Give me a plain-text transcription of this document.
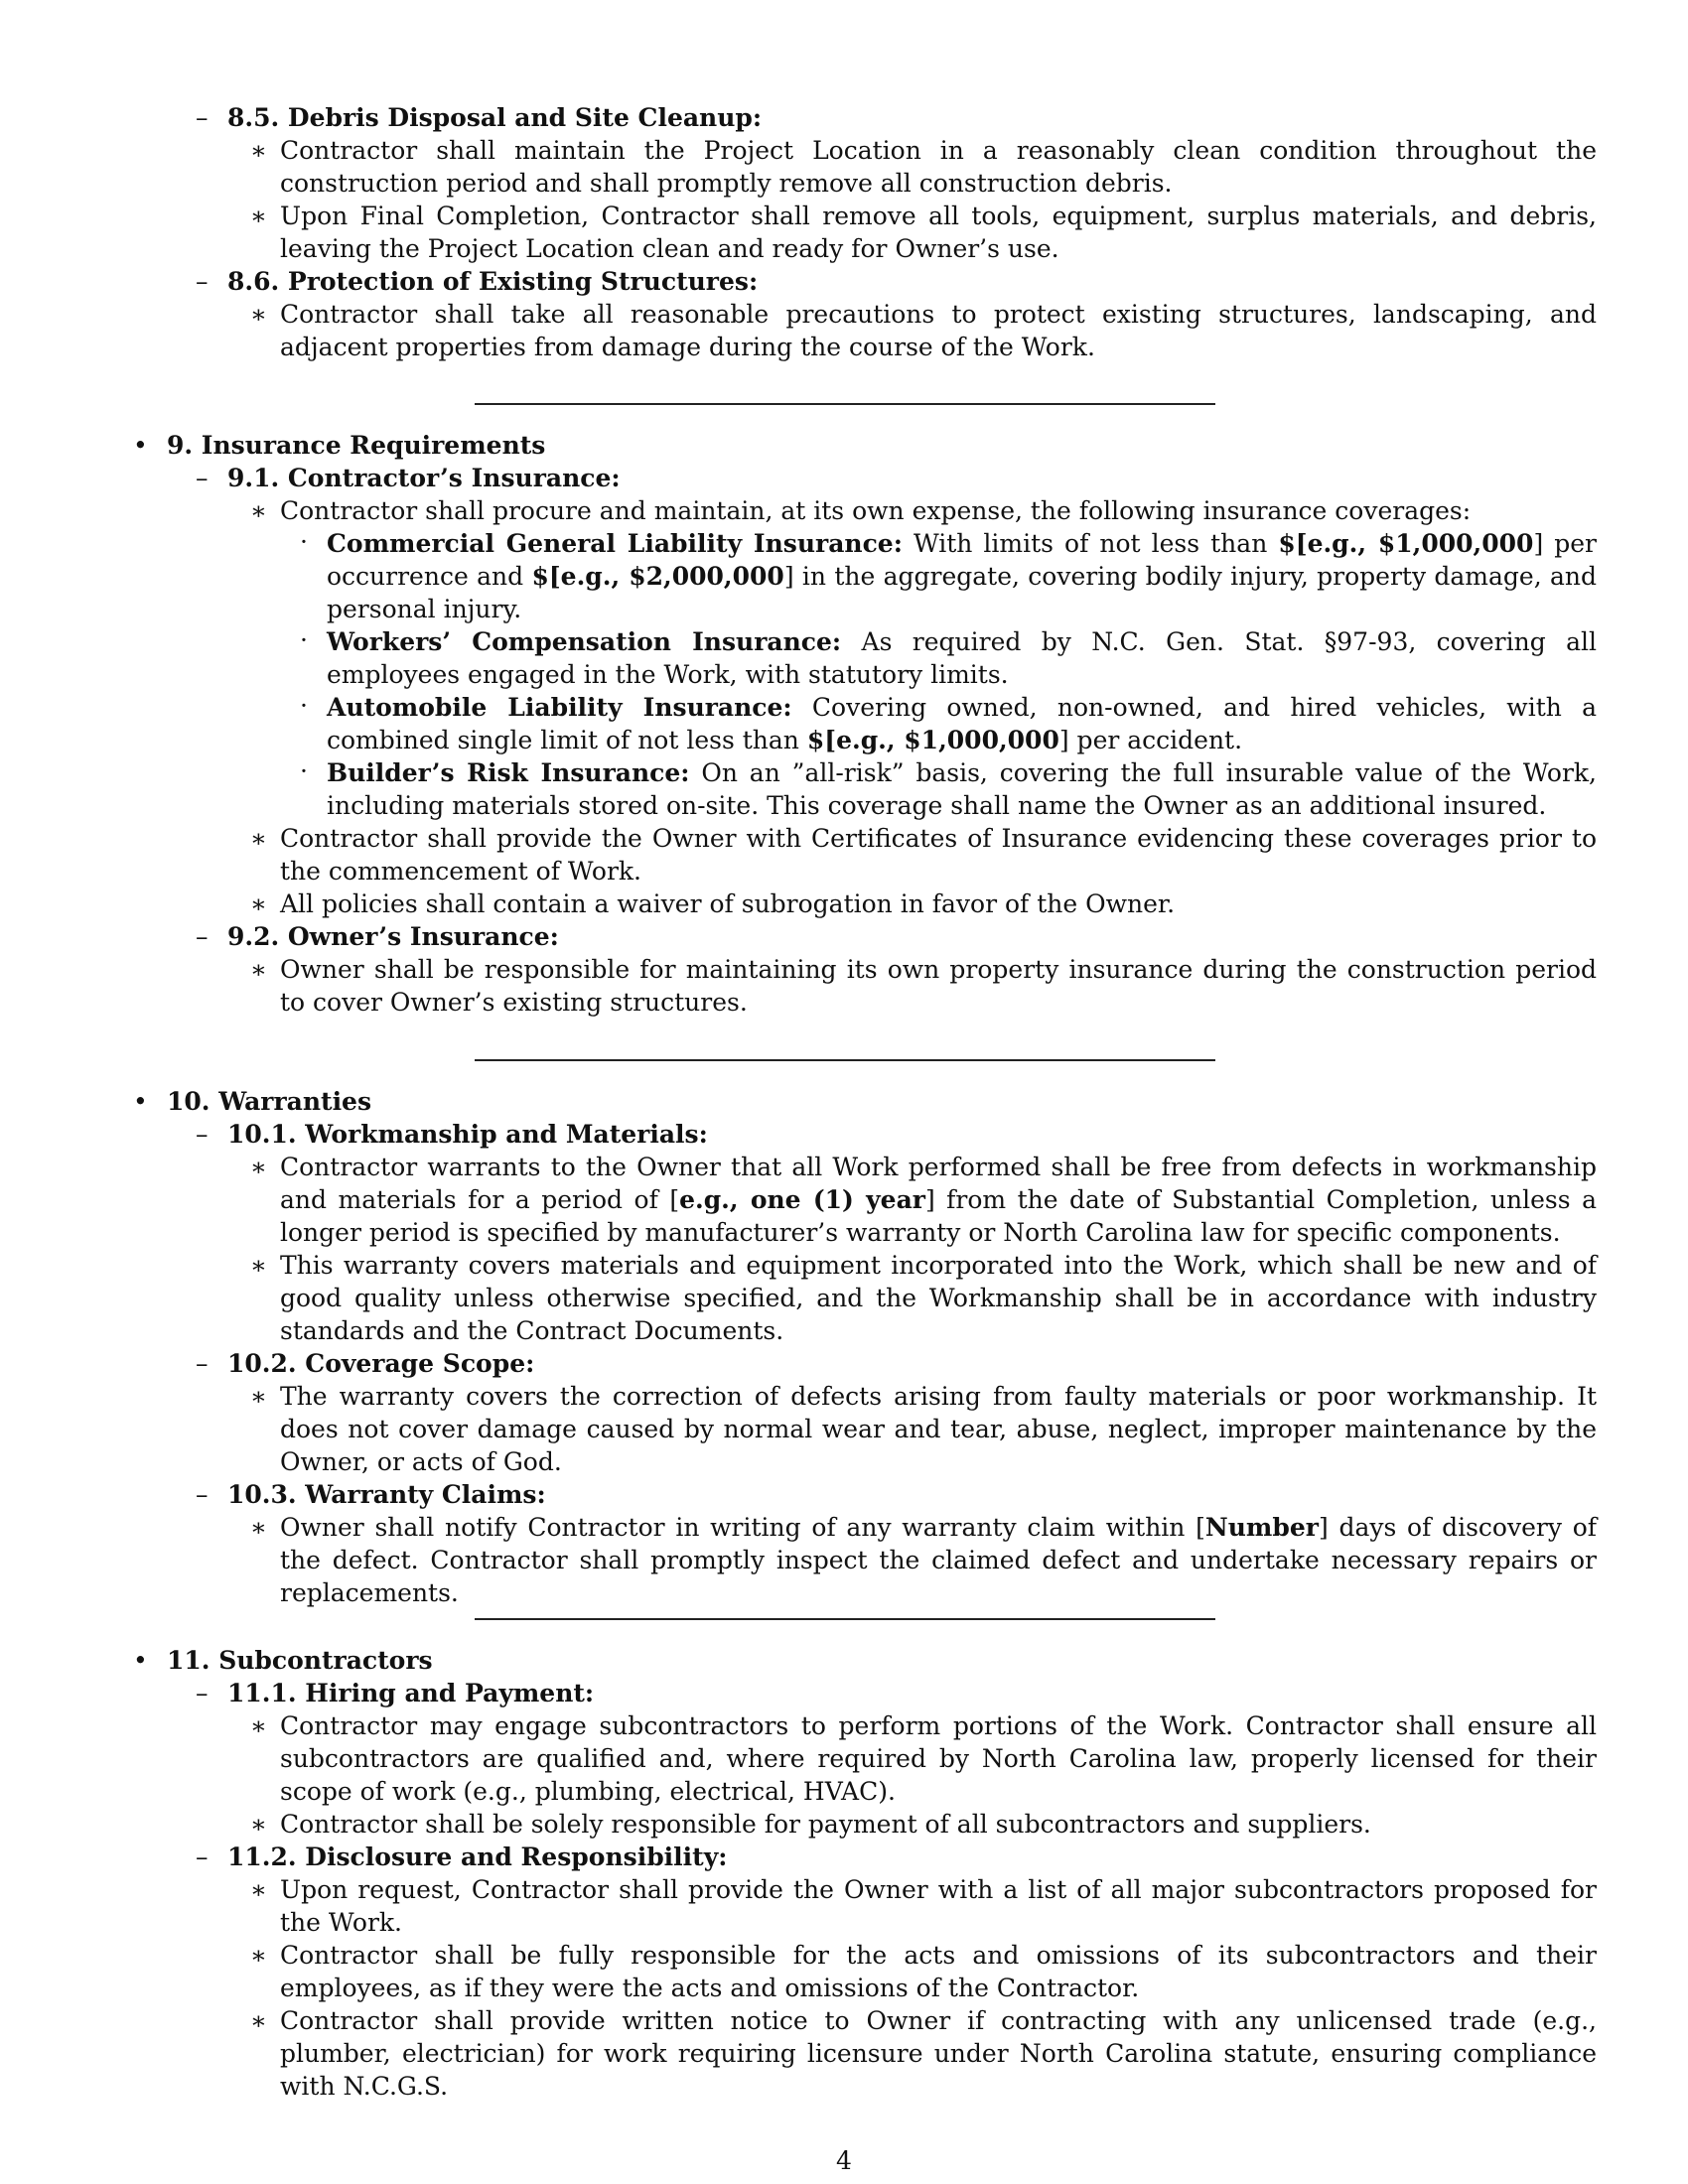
– 8.5. Debris Disposal and Site Cleanup:
∗ Contractor shall maintain the Project Location in a reasonably clean condition throughout the construction period and shall promptly remove all construction debris.
∗ Upon Final Completion, Contractor shall remove all tools, equipment, surplus materials, and debris, leaving the Project Location clean and ready for Owner’s use.
– 8.6. Protection of Existing Structures:
∗ Contractor shall take all reasonable precautions to protect existing structures, landscaping, and adjacent properties from damage during the course of the Work.
• 9. Insurance Requirements
– 9.1. Contractor’s Insurance:
∗ Contractor shall procure and maintain, at its own expense, the following insurance coverages:
· Commercial General Liability Insurance: With limits of not less than $[e.g., $1,000,000] per occurrence and $[e.g., $2,000,000] in the aggregate, covering bodily injury, property damage, and personal injury.
· Workers’ Compensation Insurance: As required by N.C. Gen. Stat. §97-93, covering all employees engaged in the Work, with statutory limits.
· Automobile Liability Insurance: Covering owned, non-owned, and hired vehicles, with a combined single limit of not less than $[e.g., $1,000,000] per accident.
· Builder’s Risk Insurance: On an ”all-risk” basis, covering the full insurable value of the Work, including materials stored on-site. This coverage shall name the Owner as an additional insured.
∗ Contractor shall provide the Owner with Certificates of Insurance evidencing these coverages prior to the commencement of Work.
∗ All policies shall contain a waiver of subrogation in favor of the Owner.
– 9.2. Owner’s Insurance:
∗ Owner shall be responsible for maintaining its own property insurance during the construction period to cover Owner’s existing structures.
• 10. Warranties
– 10.1. Workmanship and Materials:
∗ Contractor warrants to the Owner that all Work performed shall be free from defects in workmanship and materials for a period of [e.g., one (1) year] from the date of Substantial Completion, unless a longer period is specified by manufacturer’s warranty or North Carolina law for specific components.
∗ This warranty covers materials and equipment incorporated into the Work, which shall be new and of good quality unless otherwise specified, and the Workmanship shall be in accordance with industry standards and the Contract Documents.
– 10.2. Coverage Scope:
∗ The warranty covers the correction of defects arising from faulty materials or poor workmanship. It does not cover damage caused by normal wear and tear, abuse, neglect, improper maintenance by the Owner, or acts of God.
– 10.3. Warranty Claims:
∗ Owner shall notify Contractor in writing of any warranty claim within [Number] days of discovery of the defect. Contractor shall promptly inspect the claimed defect and undertake necessary repairs or replacements.
• 11. Subcontractors
– 11.1. Hiring and Payment:
∗ Contractor may engage subcontractors to perform portions of the Work. Contractor shall ensure all subcontractors are qualified and, where required by North Carolina law, properly licensed for their scope of work (e.g., plumbing, electrical, HVAC).
∗ Contractor shall be solely responsible for payment of all subcontractors and suppliers.
– 11.2. Disclosure and Responsibility:
∗ Upon request, Contractor shall provide the Owner with a list of all major subcontractors proposed for the Work.
∗ Contractor shall be fully responsible for the acts and omissions of its subcontractors and their employees, as if they were the acts and omissions of the Contractor.
∗ Contractor shall provide written notice to Owner if contracting with any unlicensed trade (e.g., plumber, electrician) for work requiring licensure under North Carolina statute, ensuring compliance with N.C.G.S.
4
